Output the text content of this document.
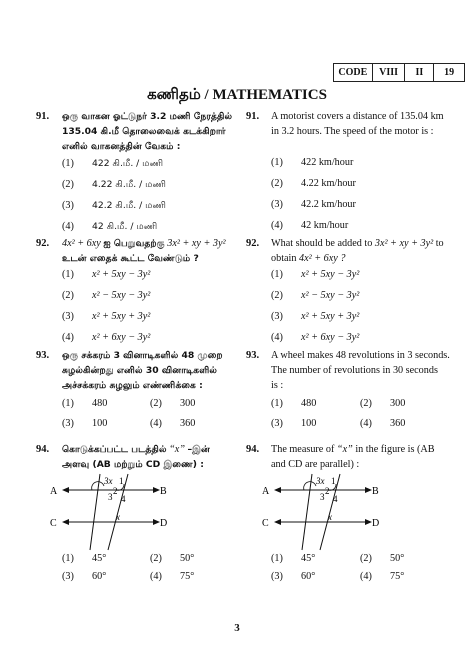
CODE	VIII	II	19
கணிதம் / MATHEMATICS
91. ஒரு வாகன ஓட்டுநர் 3.2 மணி நேரத்தில்
135.04 கி.மீ தொலைவைக் கடக்கிறார்
எனில் வாகனத்தின் வேகம் :
(1) 422 கி.மீ. / மணி
(2) 4.22 கி.மீ. / மணி
(3) 42.2 கி.மீ. / மணி
(4) 42 கி.மீ. / மணி
91. A motorist covers a distance of 135.04 km
in 3.2 hours. The speed of the motor is :
(1) 422 km/hour
(2) 4.22 km/hour
(3) 42.2 km/hour
(4) 42 km/hour
92. 4x² + 6xy ஐ பெறுவதற்கு 3x² + xy + 3y²
உடன் எதைக் கூட்ட வேண்டும் ?
(1) x² + 5xy − 3y²
(2) x² − 5xy − 3y²
(3) x² + 5xy + 3y²
(4) x² + 6xy − 3y²
92. What should be added to 3x² + xy + 3y² to
obtain 4x² + 6xy ?
(1) x² + 5xy − 3y²
(2) x² − 5xy − 3y²
(3) x² + 5xy + 3y²
(4) x² + 6xy − 3y²
93. ஒரு சக்கரம் 3 வினாடிகளில் 48 முறை
சுழல்கின்றது எனில் 30 வினாடிகளில்
அச்சக்கரம் சுழலும் எண்ணிக்கை :
(1) 480	(2) 300
(3) 100	(4) 360
93. A wheel makes 48 revolutions in 3 seconds.
The number of revolutions in 30 seconds
is :
(1) 480	(2) 300
(3) 100	(4) 360
94. கொடுக்கப்பட்ட படத்தில் “x” –இன்
அளவு (AB மற்றும் CD இணை) :
A	B
C	D
3x 1
2
3 4
x
(1) 45°	(2) 50°
(3) 60°	(4) 75°
94. The measure of “x” in the figure is (AB
and CD are parallel) :
A	B
C	D
3x 1
2
3 4
x
(1) 45°	(2) 50°
(3) 60°	(4) 75°
3
